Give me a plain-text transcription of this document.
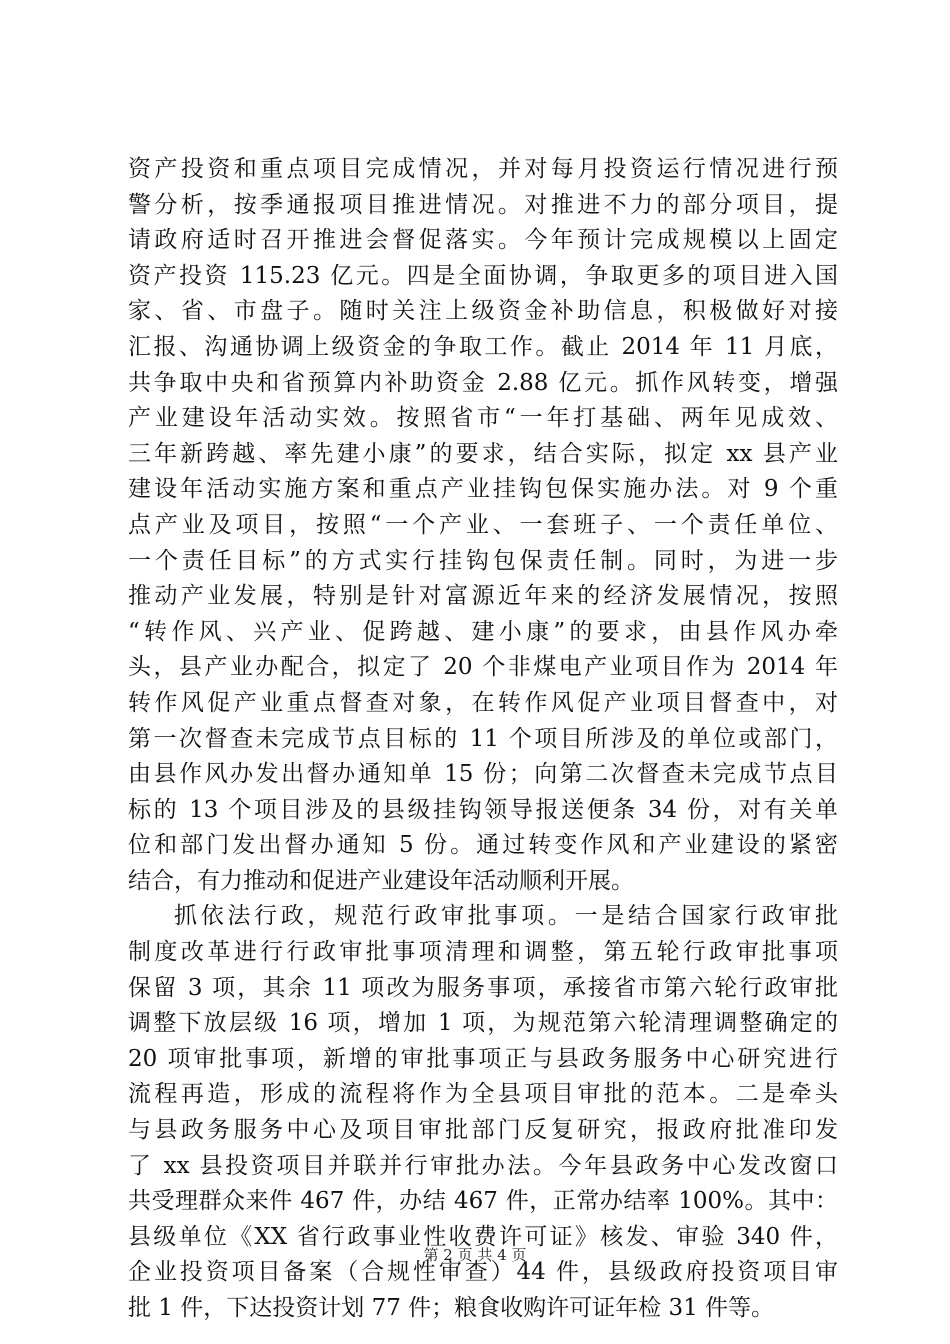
资产投资和重点项目完成情况，并对每月投资运行情况进行预
警分析，按季通报项目推进情况。对推进不力的部分项目，提
请政府适时召开推进会督促落实。今年预计完成规模以上固定
资产投资 115.23 亿元。四是全面协调，争取更多的项目进入国
家、省、市盘子。随时关注上级资金补助信息，积极做好对接
汇报、沟通协调上级资金的争取工作。截止 2014 年 11 月底，
共争取中央和省预算内补助资金 2.88 亿元。抓作风转变，增强
产业建设年活动实效。按照省市“一年打基础、两年见成效、
三年新跨越、率先建小康”的要求，结合实际，拟定 xx 县产业
建设年活动实施方案和重点产业挂钩包保实施办法。对 9 个重
点产业及项目，按照“一个产业、一套班子、一个责任单位、
一个责任目标”的方式实行挂钩包保责任制。同时，为进一步
推动产业发展，特别是针对富源近年来的经济发展情况，按照
“转作风、兴产业、促跨越、建小康”的要求，由县作风办牵
头，县产业办配合，拟定了 20 个非煤电产业项目作为 2014 年
转作风促产业重点督查对象，在转作风促产业项目督查中，对
第一次督查未完成节点目标的 11 个项目所涉及的单位或部门，
由县作风办发出督办通知单 15 份；向第二次督查未完成节点目
标的 13 个项目涉及的县级挂钩领导报送便条 34 份，对有关单
位和部门发出督办通知 5 份。通过转变作风和产业建设的紧密
结合，有力推动和促进产业建设年活动顺利开展。
抓依法行政，规范行政审批事项。一是结合国家行政审批
制度改革进行行政审批事项清理和调整，第五轮行政审批事项
保留 3 项，其余 11 项改为服务事项，承接省市第六轮行政审批
调整下放层级 16 项，增加 1 项，为规范第六轮清理调整确定的
20 项审批事项，新增的审批事项正与县政务服务中心研究进行
流程再造，形成的流程将作为全县项目审批的范本。二是牵头
与县政务服务中心及项目审批部门反复研究，报政府批准印发
了 xx 县投资项目并联并行审批办法。今年县政务中心发改窗口
共受理群众来件 467 件，办结 467 件，正常办结率 100%。其中：
县级单位《XX 省行政事业性收费许可证》核发、审验 340 件，
企业投资项目备案（合规性审查）44 件，县级政府投资项目审
批 1 件，下达投资计划 77 件；粮食收购许可证年检 31 件等。
第 2 页 共 4 页
